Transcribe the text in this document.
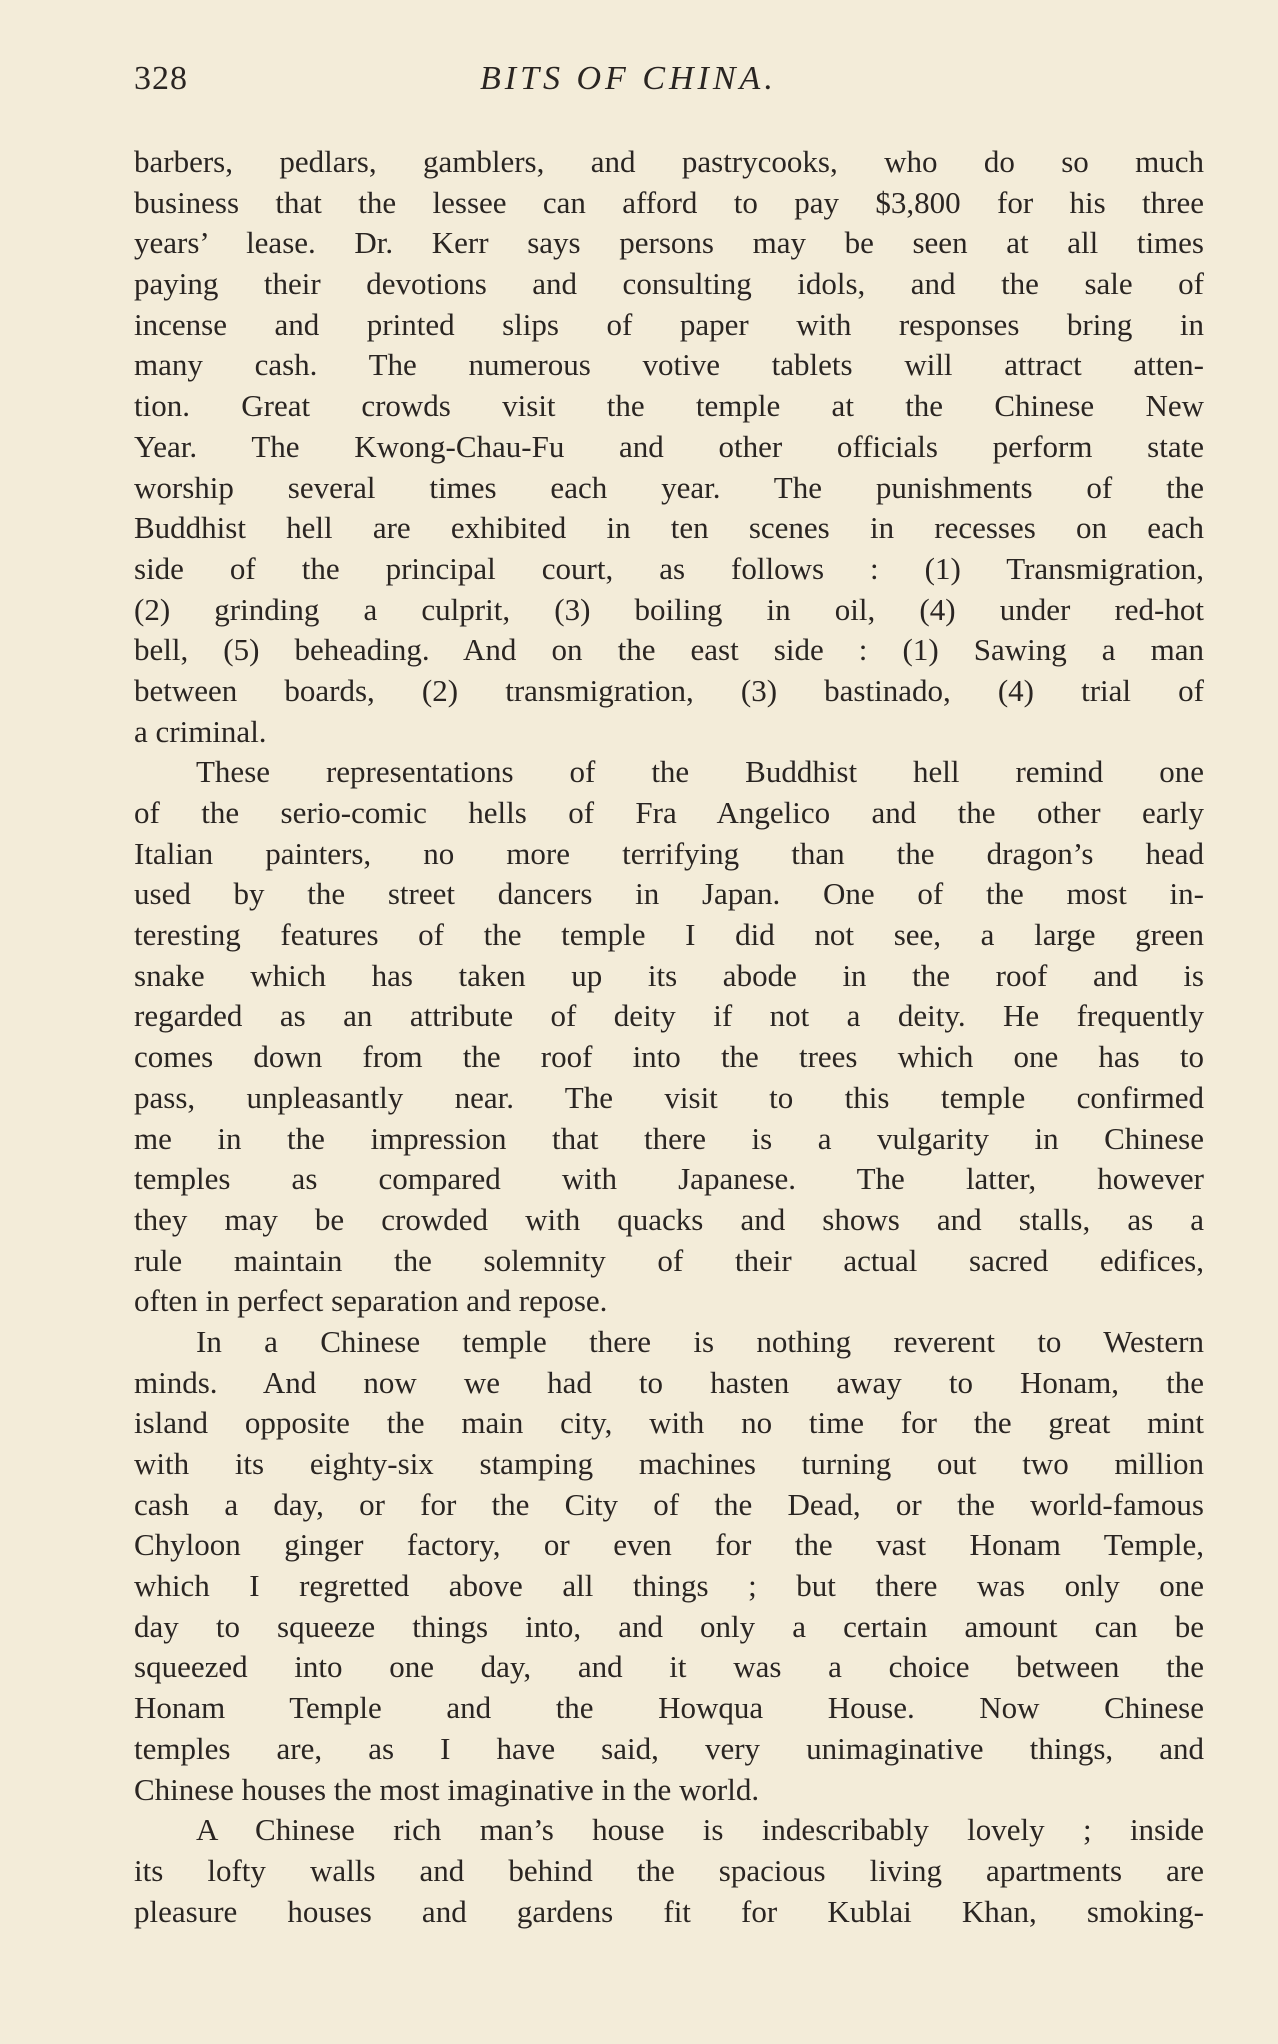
328	BITS OF CHINA.
barbers, pedlars, gamblers, and pastrycooks, who do so much
business that the lessee can afford to pay $3,800 for his three
years’ lease. Dr. Kerr says persons may be seen at all times
paying their devotions and consulting idols, and the sale of
incense and printed slips of paper with responses bring in
many cash. The numerous votive tablets will attract atten-
tion. Great crowds visit the temple at the Chinese New
Year. The Kwong-Chau-Fu and other officials perform state
worship several times each year. The punishments of the
Buddhist hell are exhibited in ten scenes in recesses on each
side of the principal court, as follows : (1) Transmigration,
(2) grinding a culprit, (3) boiling in oil, (4) under red-hot
bell, (5) beheading. And on the east side : (1) Sawing a man
between boards, (2) transmigration, (3) bastinado, (4) trial of
a criminal.
These representations of the Buddhist hell remind one
of the serio-comic hells of Fra Angelico and the other early
Italian painters, no more terrifying than the dragon’s head
used by the street dancers in Japan. One of the most in-
teresting features of the temple I did not see, a large green
snake which has taken up its abode in the roof and is
regarded as an attribute of deity if not a deity. He frequently
comes down from the roof into the trees which one has to
pass, unpleasantly near. The visit to this temple confirmed
me in the impression that there is a vulgarity in Chinese
temples as compared with Japanese. The latter, however
they may be crowded with quacks and shows and stalls, as a
rule maintain the solemnity of their actual sacred edifices,
often in perfect separation and repose.
In a Chinese temple there is nothing reverent to Western
minds. And now we had to hasten away to Honam, the
island opposite the main city, with no time for the great mint
with its eighty-six stamping machines turning out two million
cash a day, or for the City of the Dead, or the world-famous
Chyloon ginger factory, or even for the vast Honam Temple,
which I regretted above all things ; but there was only one
day to squeeze things into, and only a certain amount can be
squeezed into one day, and it was a choice between the
Honam Temple and the Howqua House. Now Chinese
temples are, as I have said, very unimaginative things, and
Chinese houses the most imaginative in the world.
A Chinese rich man’s house is indescribably lovely ; inside
its lofty walls and behind the spacious living apartments are
pleasure houses and gardens fit for Kublai Khan, smoking-
